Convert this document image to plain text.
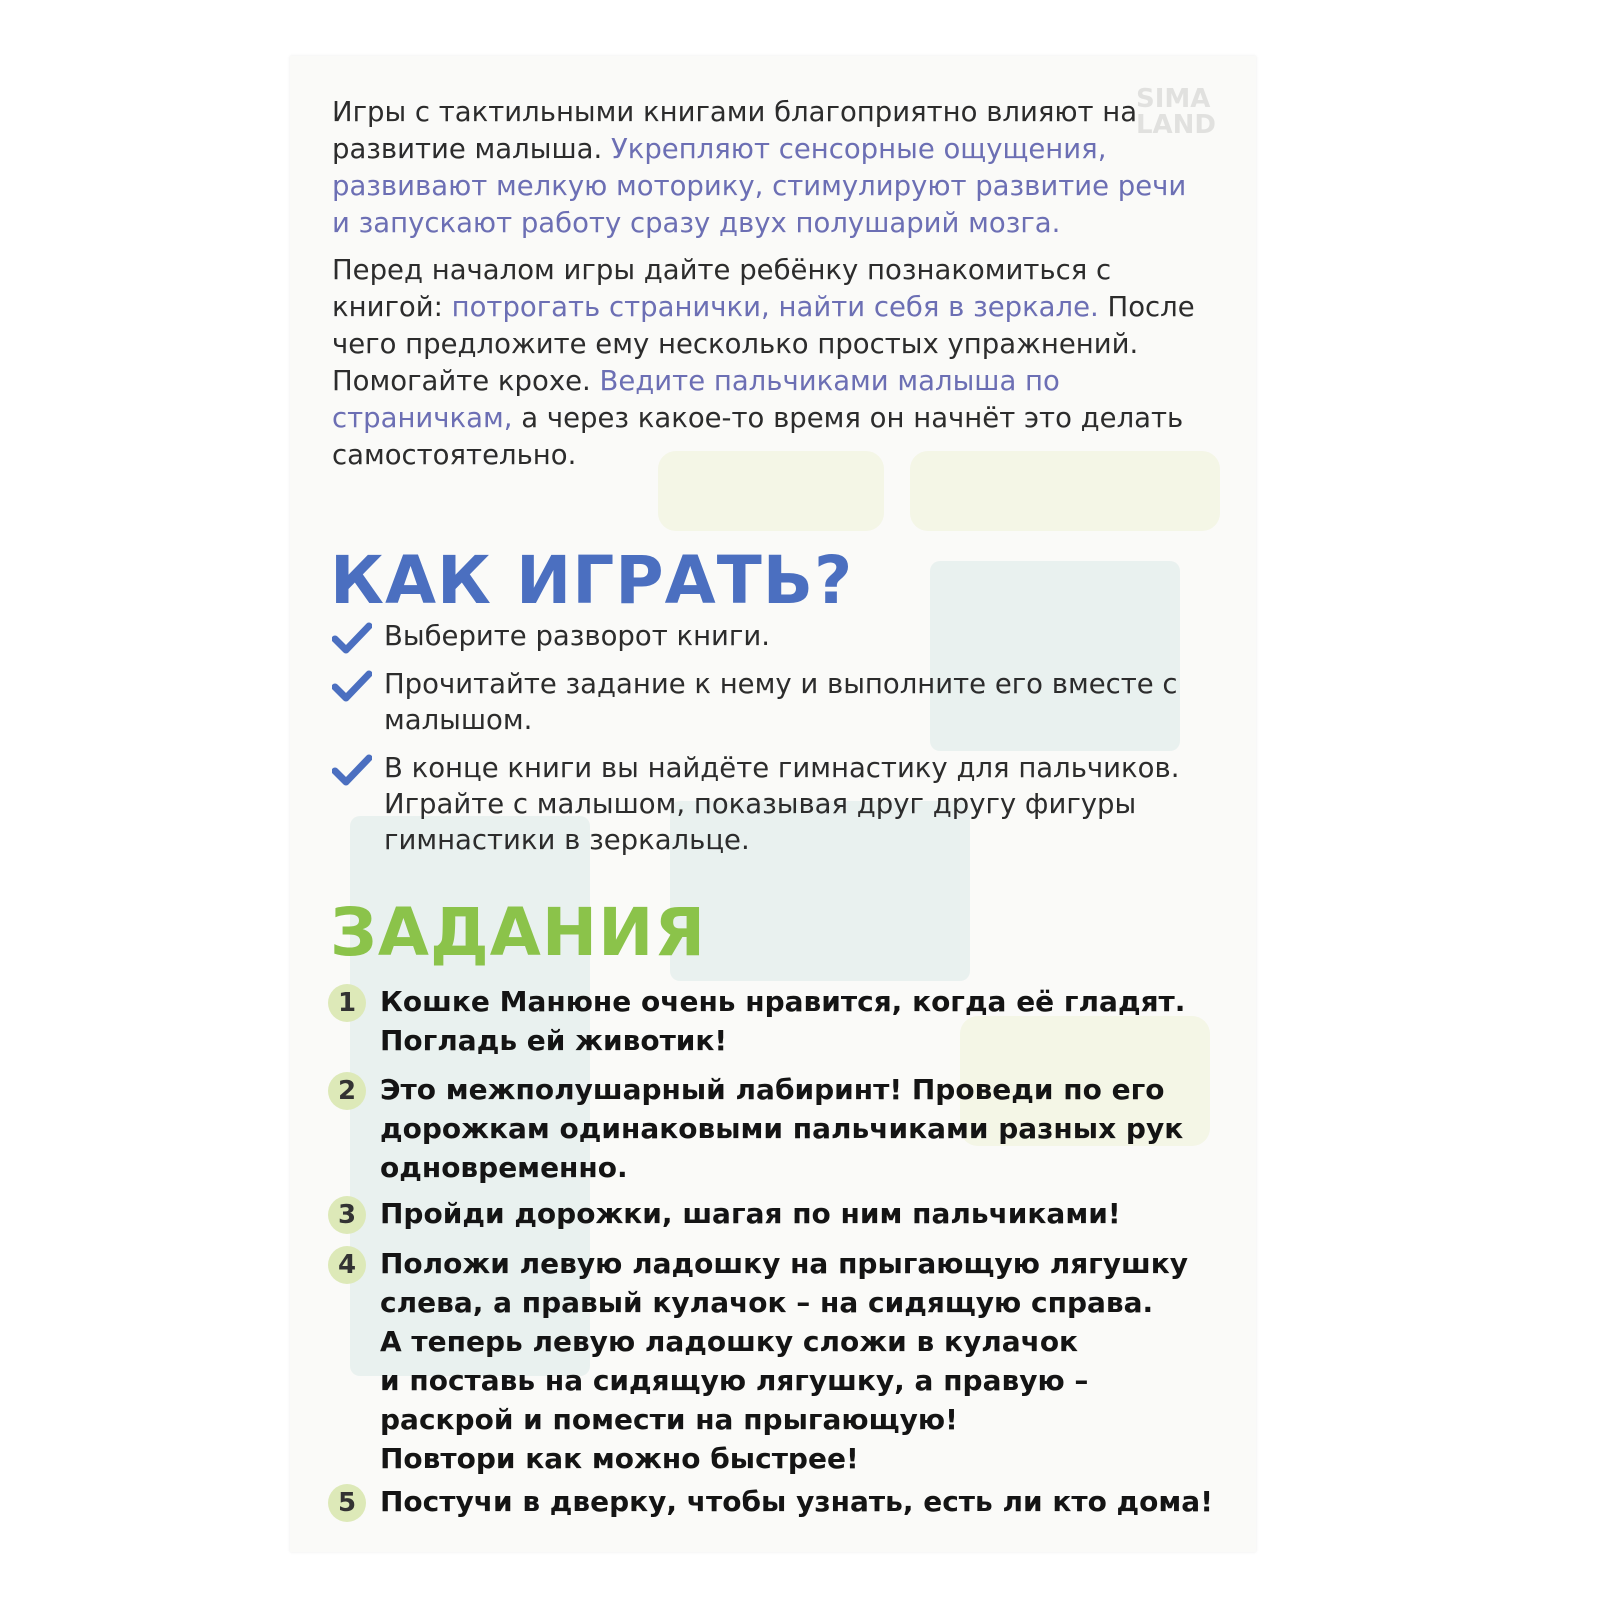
SIMA
LAND

Игры с тактильными книгами благоприятно влияют на развитие малыша. Укрепляют сенсорные ощущения, развивают мелкую моторику, стимулируют развитие речи и запускают работу сразу двух полушарий мозга.

Перед началом игры дайте ребёнку познакомиться с книгой: потрогать странички, найти себя в зеркале. После чего предложите ему несколько простых упражнений. Помогайте крохе. Ведите пальчиками малыша по страничкам, а через какое-то время он начнёт это делать самостоятельно.

КАК ИГРАТЬ?
Выберите разворот книги.
Прочитайте задание к нему и выполните его вместе с малышом.
В конце книги вы найдёте гимнастику для пальчиков. Играйте с малышом, показывая друг другу фигуры гимнастики в зеркальце.
ЗАДАНИЯ
1 Кошке Манюне очень нравится, когда её гладят.
Погладь ей животик!
2 Это межполушарный лабиринт! Проведи по его
дорожкам одинаковыми пальчиками разных рук
одновременно.
3 Пройди дорожки, шагая по ним пальчиками!
4 Положи левую ладошку на прыгающую лягушку
слева, а правый кулачок – на сидящую справа.
А теперь левую ладошку сложи в кулачок
и поставь на сидящую лягушку, а правую –
раскрой и помести на прыгающую!
Повтори как можно быстрее!
5 Постучи в дверку, чтобы узнать, есть ли кто дома!
